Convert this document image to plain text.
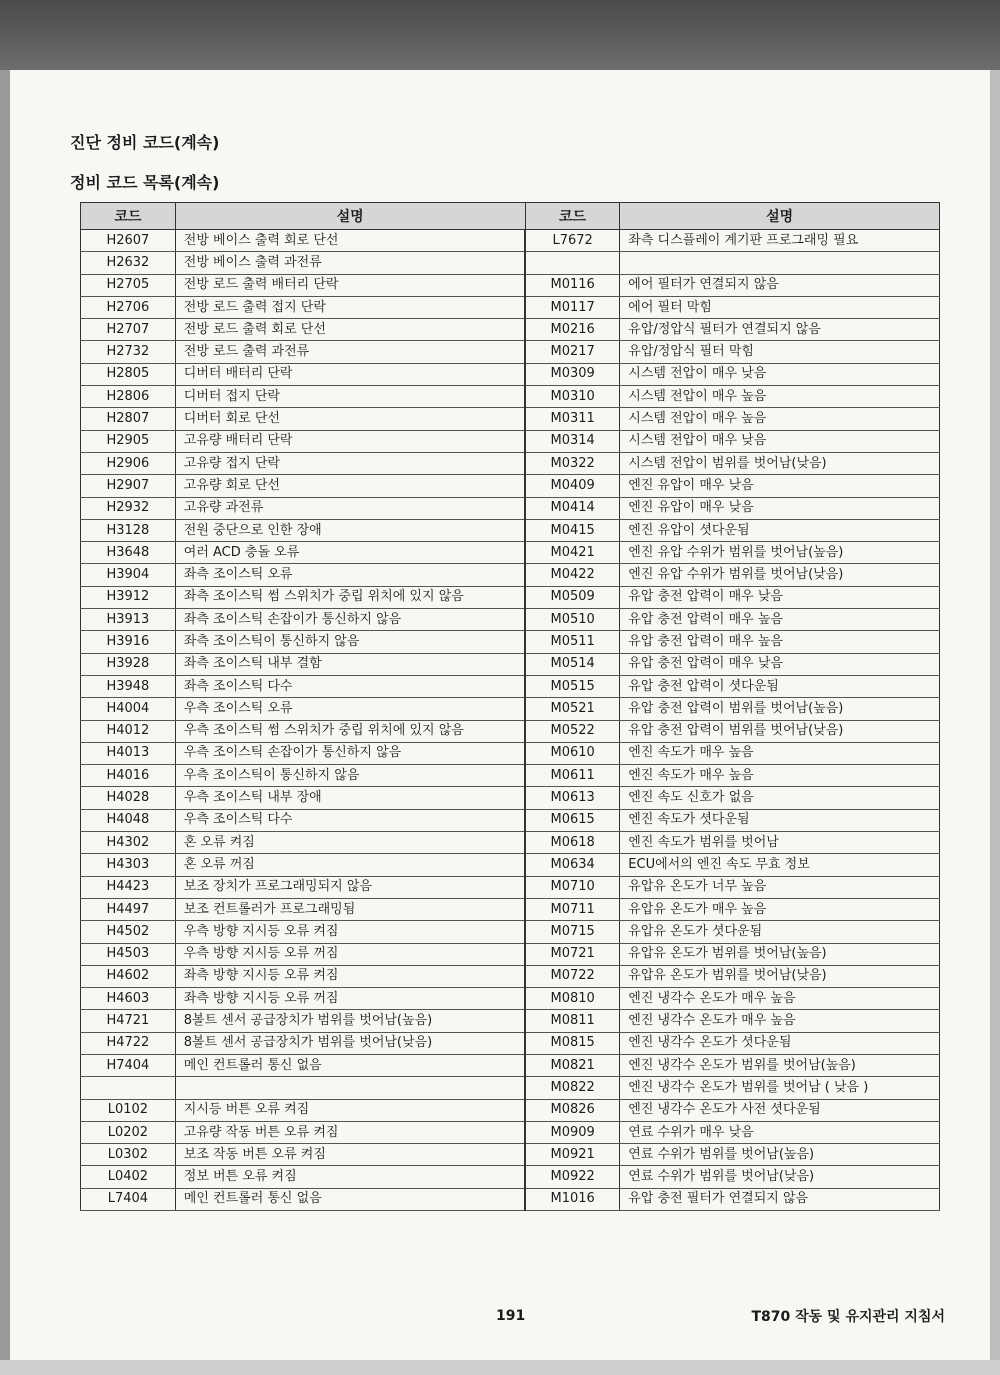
진단 정비 코드(계속)
정비 코드 목록(계속)
코드	설명	코드	설명
H2607	전방 베이스 출력 회로 단선	L7672	좌측 디스플레이 계기판 프로그래밍 필요
H2632	전방 베이스 출력 과전류		
H2705	전방 로드 출력 배터리 단락	M0116	에어 필터가 연결되지 않음
H2706	전방 로드 출력 접지 단락	M0117	에어 필터 막힘
H2707	전방 로드 출력 회로 단선	M0216	유압/정압식 필터가 연결되지 않음
H2732	전방 로드 출력 과전류	M0217	유압/정압식 필터 막힘
H2805	디버터 배터리 단락	M0309	시스템 전압이 매우 낮음
H2806	디버터 접지 단락	M0310	시스템 전압이 매우 높음
H2807	디버터 회로 단선	M0311	시스템 전압이 매우 높음
H2905	고유량 배터리 단락	M0314	시스템 전압이 매우 낮음
H2906	고유량 접지 단락	M0322	시스템 전압이 범위를 벗어남(낮음)
H2907	고유량 회로 단선	M0409	엔진 유압이 매우 낮음
H2932	고유량 과전류	M0414	엔진 유압이 매우 낮음
H3128	전원 중단으로 인한 장애	M0415	엔진 유압이 셧다운됨
H3648	여러 ACD 충돌 오류	M0421	엔진 유압 수위가 범위를 벗어남(높음)
H3904	좌측 조이스틱 오류	M0422	엔진 유압 수위가 범위를 벗어남(낮음)
H3912	좌측 조이스틱 썸 스위치가 중립 위치에 있지 않음	M0509	유압 충전 압력이 매우 낮음
H3913	좌측 조이스틱 손잡이가 통신하지 않음	M0510	유압 충전 압력이 매우 높음
H3916	좌측 조이스틱이 통신하지 않음	M0511	유압 충전 압력이 매우 높음
H3928	좌측 조이스틱 내부 결함	M0514	유압 충전 압력이 매우 낮음
H3948	좌측 조이스틱 다수	M0515	유압 충전 압력이 셧다운됨
H4004	우측 조이스틱 오류	M0521	유압 충전 압력이 범위를 벗어남(높음)
H4012	우측 조이스틱 썸 스위치가 중립 위치에 있지 않음	M0522	유압 충전 압력이 범위를 벗어남(낮음)
H4013	우측 조이스틱 손잡이가 통신하지 않음	M0610	엔진 속도가 매우 높음
H4016	우측 조이스틱이 통신하지 않음	M0611	엔진 속도가 매우 높음
H4028	우측 조이스틱 내부 장애	M0613	엔진 속도 신호가 없음
H4048	우측 조이스틱 다수	M0615	엔진 속도가 셧다운됨
H4302	혼 오류 켜짐	M0618	엔진 속도가 범위를 벗어남
H4303	혼 오류 꺼짐	M0634	ECU에서의 엔진 속도 무효 정보
H4423	보조 장치가 프로그래밍되지 않음	M0710	유압유 온도가 너무 높음
H4497	보조 컨트롤러가 프로그래밍됨	M0711	유압유 온도가 매우 높음
H4502	우측 방향 지시등 오류 켜짐	M0715	유압유 온도가 셧다운됨
H4503	우측 방향 지시등 오류 꺼짐	M0721	유압유 온도가 범위를 벗어남(높음)
H4602	좌측 방향 지시등 오류 켜짐	M0722	유압유 온도가 범위를 벗어남(낮음)
H4603	좌측 방향 지시등 오류 꺼짐	M0810	엔진 냉각수 온도가 매우 높음
H4721	8볼트 센서 공급장치가 범위를 벗어남(높음)	M0811	엔진 냉각수 온도가 매우 높음
H4722	8볼트 센서 공급장치가 범위를 벗어남(낮음)	M0815	엔진 냉각수 온도가 셧다운됨
H7404	메인 컨트롤러 통신 없음	M0821	엔진 냉각수 온도가 범위를 벗어남(높음)
		M0822	엔진 냉각수 온도가 범위를 벗어남 ( 낮음 )
L0102	지시등 버튼 오류 켜짐	M0826	엔진 냉각수 온도가 사전 셧다운됨
L0202	고유량 작동 버튼 오류 켜짐	M0909	연료 수위가 매우 낮음
L0302	보조 작동 버튼 오류 켜짐	M0921	연료 수위가 범위를 벗어남(높음)
L0402	정보 버튼 오류 켜짐	M0922	연료 수위가 범위를 벗어남(낮음)
L7404	메인 컨트롤러 통신 없음	M1016	유압 충전 필터가 연결되지 않음
191	T870 작동 및 유지관리 지침서
